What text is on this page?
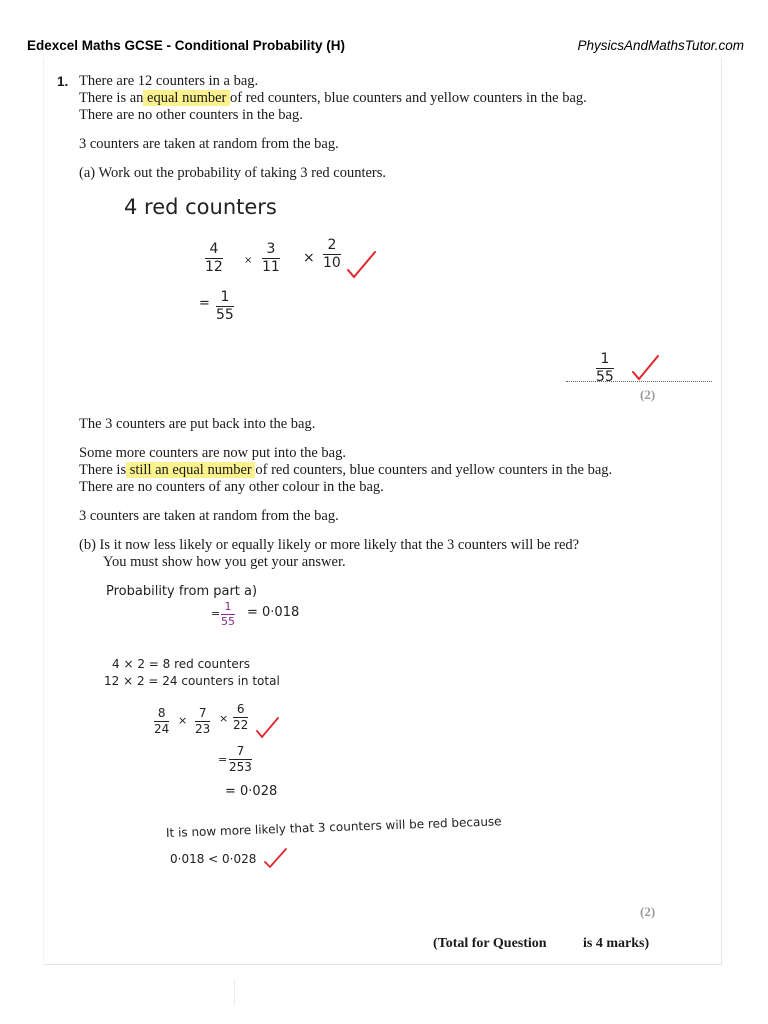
Edexcel Maths GCSE - Conditional Probability (H)	PhysicsAndMathsTutor.com
1. There are 12 counters in a bag.
There is an equal number of red counters, blue counters and yellow counters in the bag.
There are no other counters in the bag.
3 counters are taken at random from the bag.
(a) Work out the probability of taking 3 red counters.
4 red counters
4
12 ×
3
11
×
2
10
= 1
55
1
55
(2)
The 3 counters are put back into the bag.
Some more counters are now put into the bag.
There is still an equal number of red counters, blue counters and yellow counters in the bag.
There are no counters of any other colour in the bag.
3 counters are taken at random from the bag.
(b) Is it now less likely or equally likely or more likely that the 3 counters will be red?
You must show how you get your answer.
Probability from part a)
=
1
55
= 0·018
4 × 2 = 8 red counters
12 × 2 = 24 counters in total
8
24
×
7
23
×
6
22
=
7
253
= 0·028
It is now more likely that 3 counters will be red because
0·018 < 0·028
(2)
(Total for Question	is 4 marks)
